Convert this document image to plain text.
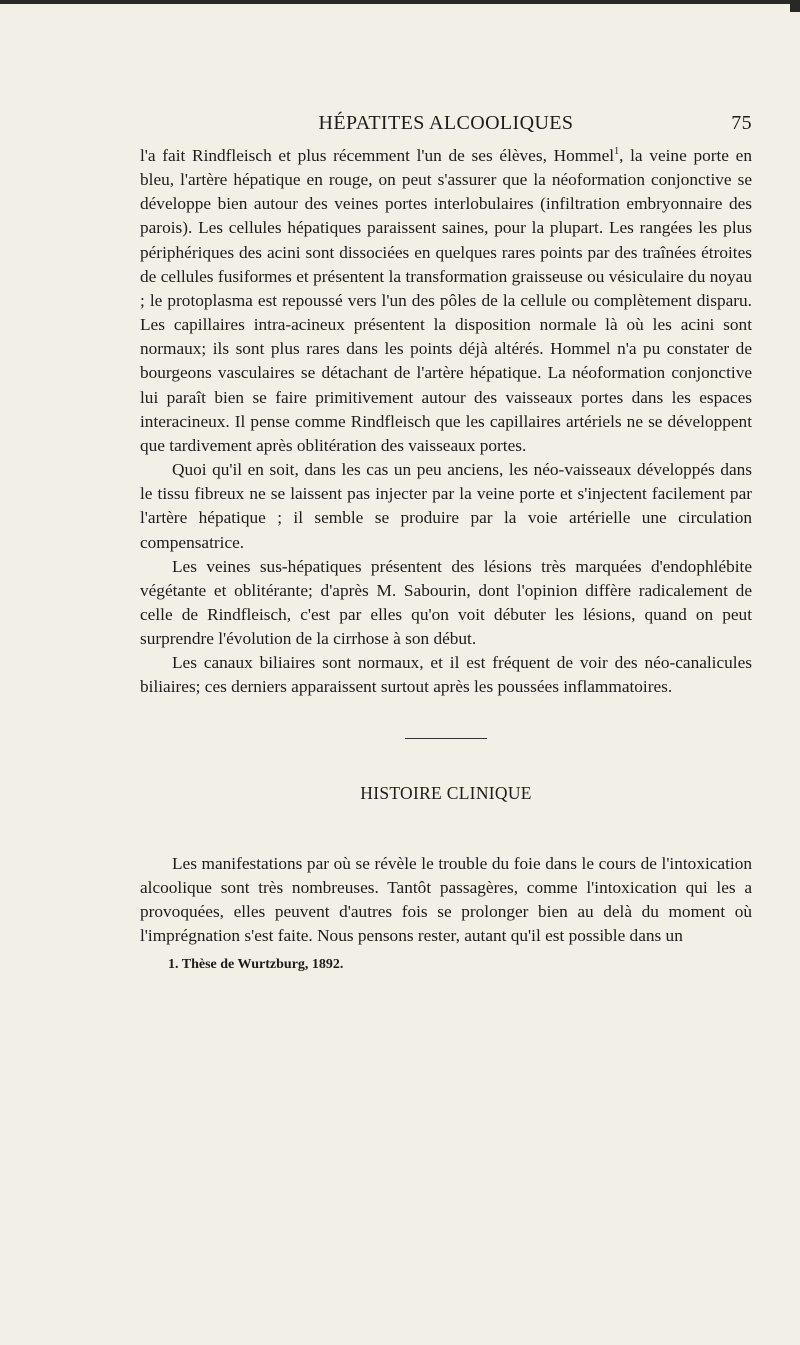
HÉPATITES ALCOOLIQUES	75

l'a fait Rindfleisch et plus récemment l'un de ses élèves, Hommel$^1$, la veine porte en bleu, l'artère hépatique en rouge, on peut s'assurer que la néoformation conjonctive se développe bien autour des veines portes interlobulaires (infiltration embryonnaire des parois). Les cellules hépatiques paraissent saines, pour la plupart. Les rangées les plus périphériques des acini sont dissociées en quelques rares points par des traînées étroites de cellules fusiformes et présentent la transformation graisseuse ou vésiculaire du noyau ; le protoplasma est repoussé vers l'un des pôles de la cellule ou complètement disparu. Les capillaires intra-acineux présentent la disposition normale là où les acini sont normaux; ils sont plus rares dans les points déjà altérés. Hommel n'a pu constater de bourgeons vasculaires se détachant de l'artère hépatique. La néoformation conjonctive lui paraît bien se faire primitivement autour des vaisseaux portes dans les espaces interacineux. Il pense comme Rindfleisch que les capillaires artériels ne se développent que tardivement après oblitération des vaisseaux portes.

Quoi qu'il en soit, dans les cas un peu anciens, les néo-vaisseaux développés dans le tissu fibreux ne se laissent pas injecter par la veine porte et s'injectent facilement par l'artère hépatique ; il semble se produire par la voie artérielle une circulation compensatrice.

Les veines sus-hépatiques présentent des lésions très marquées d'endophlébite végétante et oblitérante; d'après M. Sabourin, dont l'opinion diffère radicalement de celle de Rindfleisch, c'est par elles qu'on voit débuter les lésions, quand on peut surprendre l'évolution de la cirrhose à son début.

Les canaux biliaires sont normaux, et il est fréquent de voir des néo-canalicules biliaires; ces derniers apparaissent surtout après les poussées inflammatoires.

HISTOIRE CLINIQUE

Les manifestations par où se révèle le trouble du foie dans le cours de l'intoxication alcoolique sont très nombreuses. Tantôt passagères, comme l'intoxication qui les a provoquées, elles peuvent d'autres fois se prolonger bien au delà du moment où l'imprégnation s'est faite. Nous pensons rester, autant qu'il est possible dans un

1. Thèse de Wurtzburg, 1892.
